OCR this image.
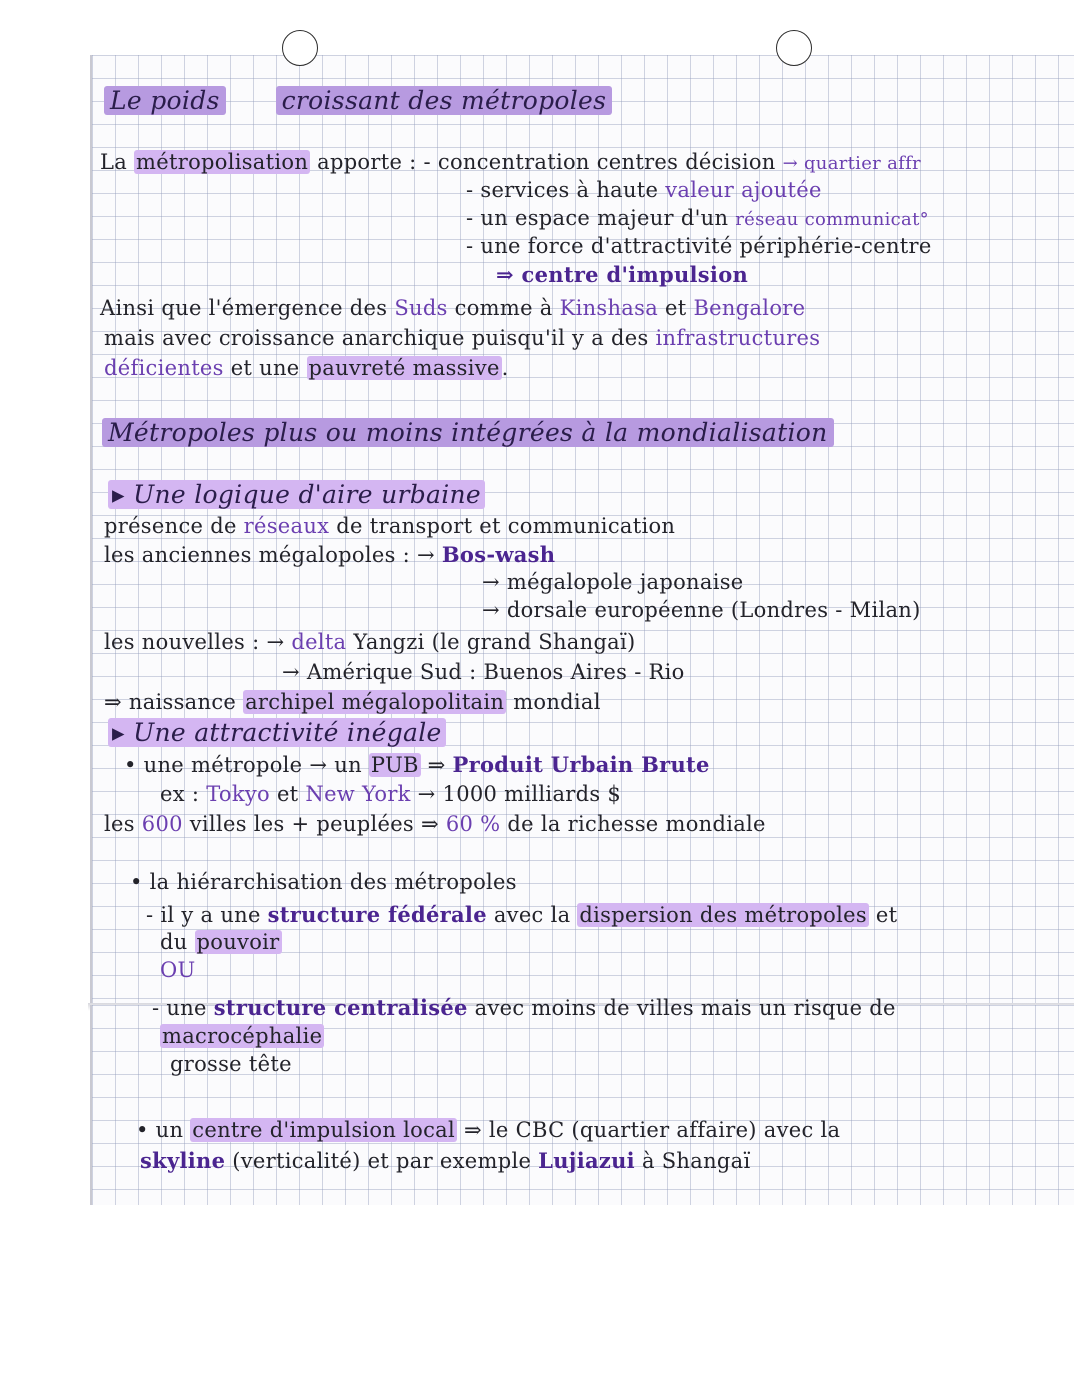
Le poids croissant des métropoles
La métropolisation apporte : - concentration centres décision → quartier affr
- services à haute valeur ajoutée
- un espace majeur d'un réseau communicat°
- une force d'attractivité périphérie-centre
⇒ centre d'impulsion
Ainsi que l'émergence des Suds comme à Kinshasa et Bengalore
mais avec croissance anarchique puisqu'il y a des infrastructures
déficientes et une pauvreté massive.
Métropoles plus ou moins intégrées à la mondialisation
▸ Une logique d'aire urbaine
présence de réseaux de transport et communication
les anciennes mégalopoles : → Bos-wash
→ mégalopole japonaise
→ dorsale européenne (Londres - Milan)
les nouvelles : → delta Yangzi (le grand Shangaï)
→ Amérique Sud : Buenos Aires - Rio
⇒ naissance archipel mégalopolitain mondial
▸ Une attractivité inégale
• une métropole → un PUB ⇒ Produit Urbain Brute
ex : Tokyo et New York → 1000 milliards $
les 600 villes les + peuplées ⇒ 60 % de la richesse mondiale
• la hiérarchisation des métropoles
- il y a une structure fédérale avec la dispersion des métropoles et
du pouvoir
OU
- une structure centralisée avec moins de villes mais un risque de
macrocéphalie
grosse tête
• un centre d'impulsion local ⇒ le CBC (quartier affaire) avec la
skyline (verticalité) et par exemple Lujiazui à Shangaï
